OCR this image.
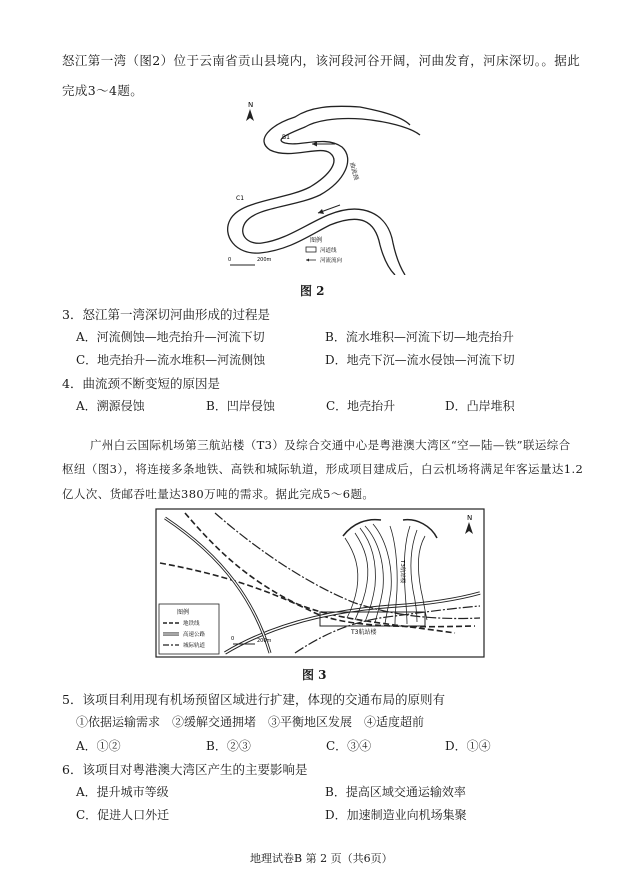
怒江第一湾（图2）位于云南省贡山县境内，该河段河谷开阔，河曲发育，河床深切。。据此
完成3～4题。
N
B1
曲流颈
C1
图例
河道线
河流流向
0	200m
图 2
3．怒江第一湾深切河曲形成的过程是
A．河流侧蚀—地壳抬升—河流下切	B．流水堆积—河流下切—地壳抬升
C．地壳抬升—流水堆积—河流侧蚀	D．地壳下沉—流水侵蚀—河流下切
4．曲流颈不断变短的原因是
A．溯源侵蚀	B．凹岸侵蚀	C．地壳抬升	D．凸岸堆积
广州白云国际机场第三航站楼（T3）及综合交通中心是粤港澳大湾区“空—陆—铁”联运综合
枢纽（图3），将连接多条地铁、高铁和城际轨道，形成项目建成后，白云机场将满足年客运量达1.2
亿人次、货邮吞吐量达380万吨的需求。据此完成5～6题。
N
T3航站楼
T3航站楼
图例
地铁线
高速公路
城际轨道
0	200m
图 3
5．该项目利用现有机场预留区域进行扩建，体现的交通布局的原则有
①依据运输需求　②缓解交通拥堵　③平衡地区发展　④适度超前
A．①②	B．②③	C．③④	D．①④
6．该项目对粤港澳大湾区产生的主要影响是
A．提升城市等级	B．提高区域交通运输效率
C．促进人口外迁	D．加速制造业向机场集聚
地理试卷B 第 2 页（共6页）
